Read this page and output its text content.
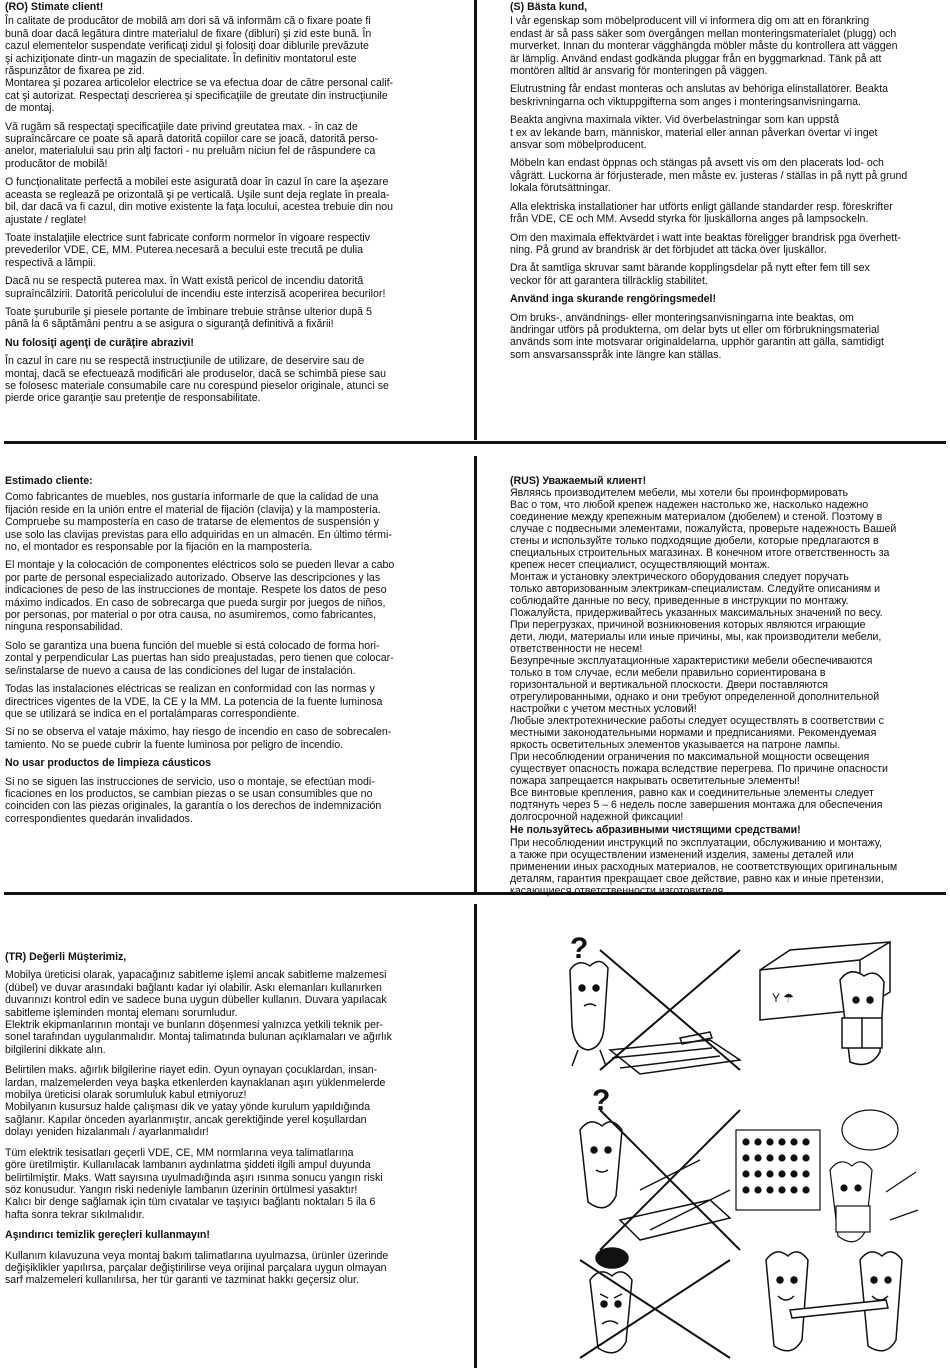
(RO) Stimate client!

În calitate de producător de mobilă am dori să vă informăm că o fixare poate fi
bună doar dacă legătura dintre materialul de fixare (dibluri) şi zid este bună. În
cazul elementelor suspendate verificaţi zidul şi folosiţi doar diblurile prevăzute
şi achiziţionate dintr-un magazin de specialitate. În definitiv montatorul este
răspunzător de fixarea pe zid.
Montarea şi pozarea articolelor electrice se va efectua doar de către personal calif-
cat şi autorizat. Respectaţi descrierea şi specificaţiile de greutate din instrucţiunile
de montaj.

Vă rugăm să respectaţi specificaţiile date privind greutatea max. - în caz de
supraîncărcare ce poate să apară datorită copiilor care se joacă, datorită perso-
anelor, materialului sau prin alţi factori - nu preluăm niciun fel de răspundere ca
producător de mobilă!

O funcţionalitate perfectă a mobilei este asigurată doar în cazul în care la aşezare
aceasta se reglează pe orizontală şi pe verticală. Uşile sunt deja reglate în preala-
bil, dar dacă va fi cazul, din motive existente la faţa locului, acestea trebuie din nou
ajustate / reglate!

Toate instalaţiile electrice sunt fabricate conform normelor în vigoare respectiv
prevederilor VDE, CE, MM. Puterea necesară a becului este trecută pe dulia
respectivă a lămpii.

Dacă nu se respectă puterea max. în Watt există pericol de incendiu datorită
supraîncălzirii. Datorită pericolului de incendiu este interzisă acoperirea becurilor!

Toate şuruburile şi piesele portante de îmbinare trebuie strânse ulterior după 5
până la 6 săptămâni pentru a se asigura o siguranţă definitivă a fixării!

Nu folosiţi agenţi de curăţire abrazivi!

În cazul în care nu se respectă instrucţiunile de utilizare, de deservire sau de
montaj, dacă se efectuează modificări ale produselor, dacă se schimbă piese sau
se folosesc materiale consumabile care nu corespund pieselor originale, atunci se
pierde orice garanţie sau pretenţie de responsabilitate.

(S) Bästa kund,

I vår egenskap som möbelproducent vill vi informera dig om att en förankring
endast är så pass säker som övergången mellan monteringsmaterialet (plugg) och
murverket. Innan du monterar vägghängda möbler måste du kontrollera att väggen
är lämplig. Använd endast godkända pluggar från en byggmarknad. Tänk på att
montören alltid är ansvarig för monteringen på väggen.

Elutrustning får endast monteras och anslutas av behöriga elinstallatörer. Beakta
beskrivningarna och viktuppgifterna som anges i monteringsanvisningarna.

Beakta angivna maximala vikter. Vid överbelastningar som kan uppstå
t ex av lekande barn, människor, material eller annan påverkan övertar vi inget
ansvar som möbelproducent.

Möbeln kan endast öppnas och stängas på avsett vis om den placerats lod- och
vågrätt. Luckorna är förjusterade, men måste ev. justeras / ställas in på nytt på grund
lokala förutsättningar.

Alla elektriska installationer har utförts enligt gällande standarder resp. föreskrifter
från VDE, CE och MM. Avsedd styrka för ljuskällorna anges på lampsockeln.

Om den maximala effektvärdet i watt inte beaktas föreligger brandrisk pga överhett-
ning. På grund av brandrisk är det förbjudet att täcka över ljuskällor.

Dra åt samtliga skruvar samt bärande kopplingsdelar på nytt efter fem till sex
veckor för att garantera tillräcklig stabilitet.

Använd inga skurande rengöringsmedel!

Om bruks-, användnings- eller monteringsanvisningarna inte beaktas, om
ändringar utförs på produkterna, om delar byts ut eller om förbrukningsmaterial
används som inte motsvarar originaldelarna, upphör garantin att gälla, samtidigt
som ansvarsansspråk inte längre kan ställas.

Estimado cliente:

Como fabricantes de muebles, nos gustaría informarle de que la calidad de una
fijación reside en la unión entre el material de fijación (clavija) y la mampostería.
Compruebe su mampostería en caso de tratarse de elementos de suspensión y
use solo las clavijas previstas para ello adquiridas en un almacén. En último térmi-
no, el montador es responsable por la fijación en la mampostería.

El montaje y la colocación de componentes eléctricos solo se pueden llevar a cabo
por parte de personal especializado autorizado. Observe las descripciones y las
indicaciones de peso de las instrucciones de montaje. Respete los datos de peso
máximo indicados. En caso de sobrecarga que pueda surgir por juegos de niños,
por personas, por material o por otra causa, no asumiremos, como fabricantes,
ninguna responsabilidad.

Solo se garantiza una buena función del mueble si está colocado de forma hori-
zontal y perpendicular Las puertas han sido preajustadas, pero tienen que colocar-
se/instalarse de nuevo a causa de las condiciones del lugar de instalación.

Todas las instalaciones eléctricas se realizan en conformidad con las normas y
directrices vigentes de la VDE, la CE y la MM. La potencia de la fuente luminosa
que se utilizará se indica en el portalámparas correspondiente.

Si no se observa el vataje máximo, hay riesgo de incendio en caso de sobrecalen-
tamiento. No se puede cubrir la fuente luminosa por peligro de incendio.

No usar productos de limpieza cáusticos

Si no se siguen las instrucciones de servicio, uso o montaje, se efectúan modi-
ficaciones en los productos, se cambian piezas o se usan consumibles que no
coinciden con las piezas originales, la garantía o los derechos de indemnización
correspondientes quedarán invalidados.

(RUS) Уважаемый клиент!

Являясь производителем мебели, мы хотели бы проинформировать
Вас о том, что любой крепеж надежен настолько же, насколько надежно
соединение между крепежным материалом (дюбелем) и стеной. Поэтому в
случае с подвесными элементами, пожалуйста, проверьте надежность Вашей
стены и используйте только подходящие дюбели, которые предлагаются в
специальных строительных магазинах. В конечном итоге ответственность за
крепеж несет специалист, осуществляющий монтаж.
Монтаж и установку электрического оборудования следует поручать
только авторизованным электрикам-специалистам. Следуйте описаниям и
соблюдайте данные по весу, приведенные в инструкции по монтажу.
Пожалуйста, придерживайтесь указанных максимальных значений по весу.
При перегрузках, причиной возникновения которых являются играющие
дети, люди, материалы или иные причины, мы, как производители мебели,
ответственности не несем!
Безупречные эксплуатационные характеристики мебели обеспечиваются
только в том случае, если мебели правильно сориентирована в
горизонтальной и вертикальной плоскости. Двери поставляются
отрегулированными, однако и они требуют определенной дополнительной
настройки с учетом местных условий!
Любые электротехнические работы следует осуществлять в соответствии с
местными законодательными нормами и предписаниями. Рекомендуемая
яркость осветительных элементов указывается на патроне лампы.
При несоблюдении ограничения по максимальной мощности освещения
существует опасность пожара вследствие перегрева. По причине опасности
пожара запрещается накрывать осветительные элементы!
Все винтовые крепления, равно как и соединительные элементы следует
подтянуть через 5 – 6 недель после завершения монтажа для обеспечения
долгосрочной надежной фиксации!

Не пользуйтесь абразивными чистящими средствами!

При несоблюдении инструкций по эксплуатации, обслуживанию и монтажу,
а также при осуществлении изменений изделия, замены деталей или
применении иных расходных материалов, не соответствующих оригинальным
деталям, гарантия прекращает свое действие, равно как и иные претензии,
касающиеся ответственности изготовителя.

(TR) Değerli Müşterimiz,

Mobilya üreticisi olarak, yapacağınız sabitleme işlemi ancak sabitleme malzemesi
(dübel) ve duvar arasındaki bağlantı kadar iyi olabilir. Askı elemanları kullanırken
duvarınızı kontrol edin ve sadece buna uygun dübeller kullanın. Duvara yapılacak
sabitleme işleminden montaj elemanı sorumludur.
Elektrik ekipmanlarının montajı ve bunların döşenmesi yalnızca yetkili teknik per-
sonel tarafından uygulanmalıdır. Montaj talimatında bulunan açıklamaları ve ağırlık
bilgilerini dikkate alın.

Belirtilen maks. ağırlık bilgilerine riayet edin. Oyun oynayan çocuklardan, insan-
lardan, malzemelerden veya başka etkenlerden kaynaklanan aşırı yüklenmelerde
mobilya üreticisi olarak sorumluluk kabul etmiyoruz!
Mobilyanın kusursuz halde çalışması dik ve yatay yönde kurulum yapıldığında
sağlanır. Kapılar önceden ayarlanmıştır, ancak gerektiğinde yerel koşullardan
dolayı yeniden hizalanmalı / ayarlanmalıdır!

Tüm elektrik tesisatları geçerli VDE, CE, MM normlarına veya talimatlarına
göre üretilmiştir. Kullanılacak lambanın aydınlatma şiddeti ilgili ampul duyunda
belirtilmiştir. Maks. Watt sayısına uyulmadığında aşırı ısınma sonucu yangın riski
söz konusudur. Yangın riski nedeniyle lambanın üzerinin örtülmesi yasaktır!
Kalıcı bir denge sağlamak için tüm cıvatalar ve taşıyıcı bağlantı noktaları 5 ila 6
hafta sonra tekrar sıkılmalıdır.

Aşındırıcı temizlik gereçleri kullanmayın!

Kullanım kılavuzuna veya montaj bakım talimatlarına uyulmazsa, ürünler üzerinde
değişiklikler yapılırsa, parçalar değiştirilirse veya orijinal parçalara uygun olmayan
sarf malzemeleri kullanılırsa, her tür garanti ve tazminat hakkı geçersiz olur.

?
Y ☂
?
